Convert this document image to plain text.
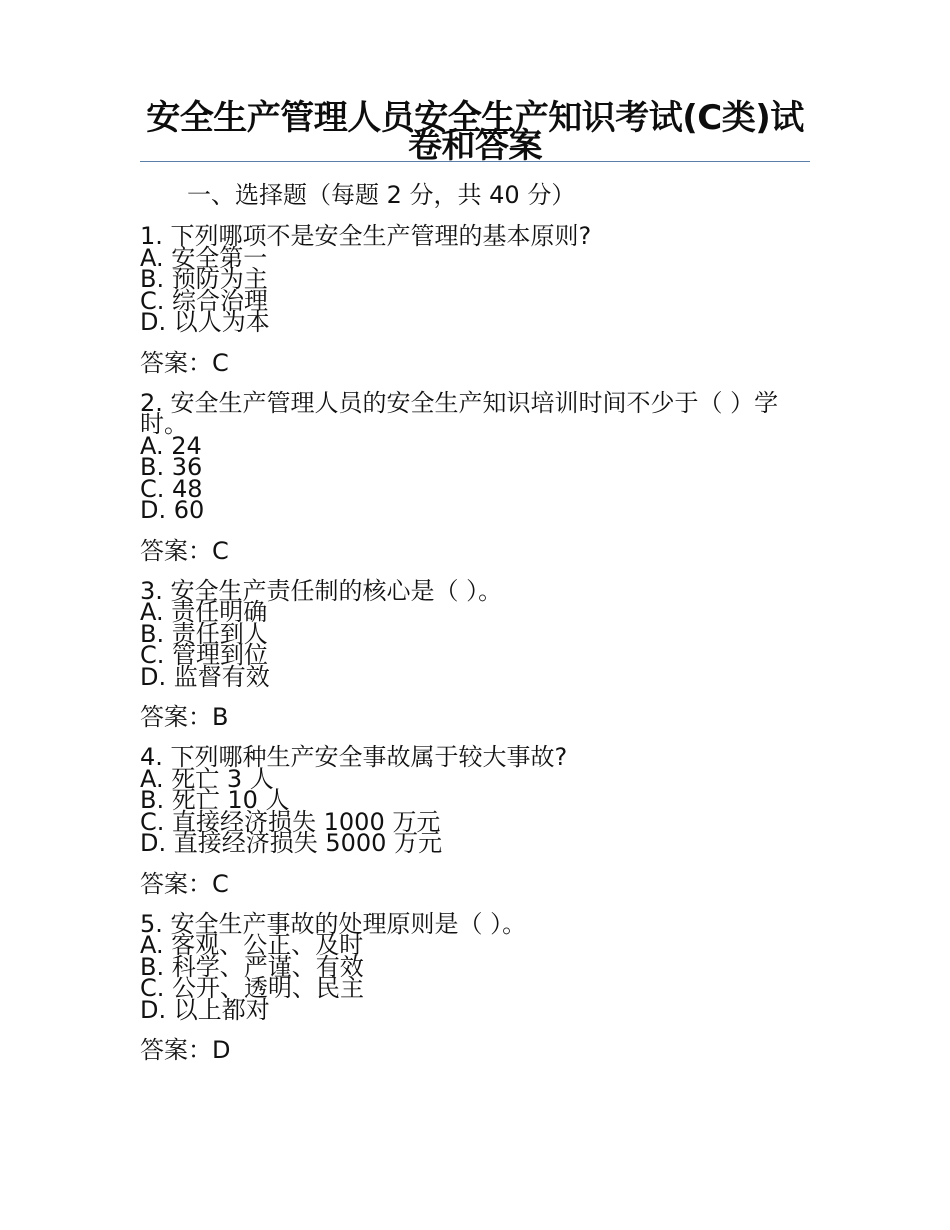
安全生产管理人员安全生产知识考试(C类)试卷和答案
一、选择题（每题 2 分，共 40 分）
1. 下列哪项不是安全生产管理的基本原则?
A. 安全第一
B. 预防为主
C. 综合治理
D. 以人为本
答案：C
2. 安全生产管理人员的安全生产知识培训时间不少于（ ）学时。
A. 24
B. 36
C. 48
D. 60
答案：C
3. 安全生产责任制的核心是（ ）。
A. 责任明确
B. 责任到人
C. 管理到位
D. 监督有效
答案：B
4. 下列哪种生产安全事故属于较大事故?
A. 死亡 3 人
B. 死亡 10 人
C. 直接经济损失 1000 万元
D. 直接经济损失 5000 万元
答案：C
5. 安全生产事故的处理原则是（ ）。
A. 客观、公正、及时
B. 科学、严谨、有效
C. 公开、透明、民主
D. 以上都对
答案：D
